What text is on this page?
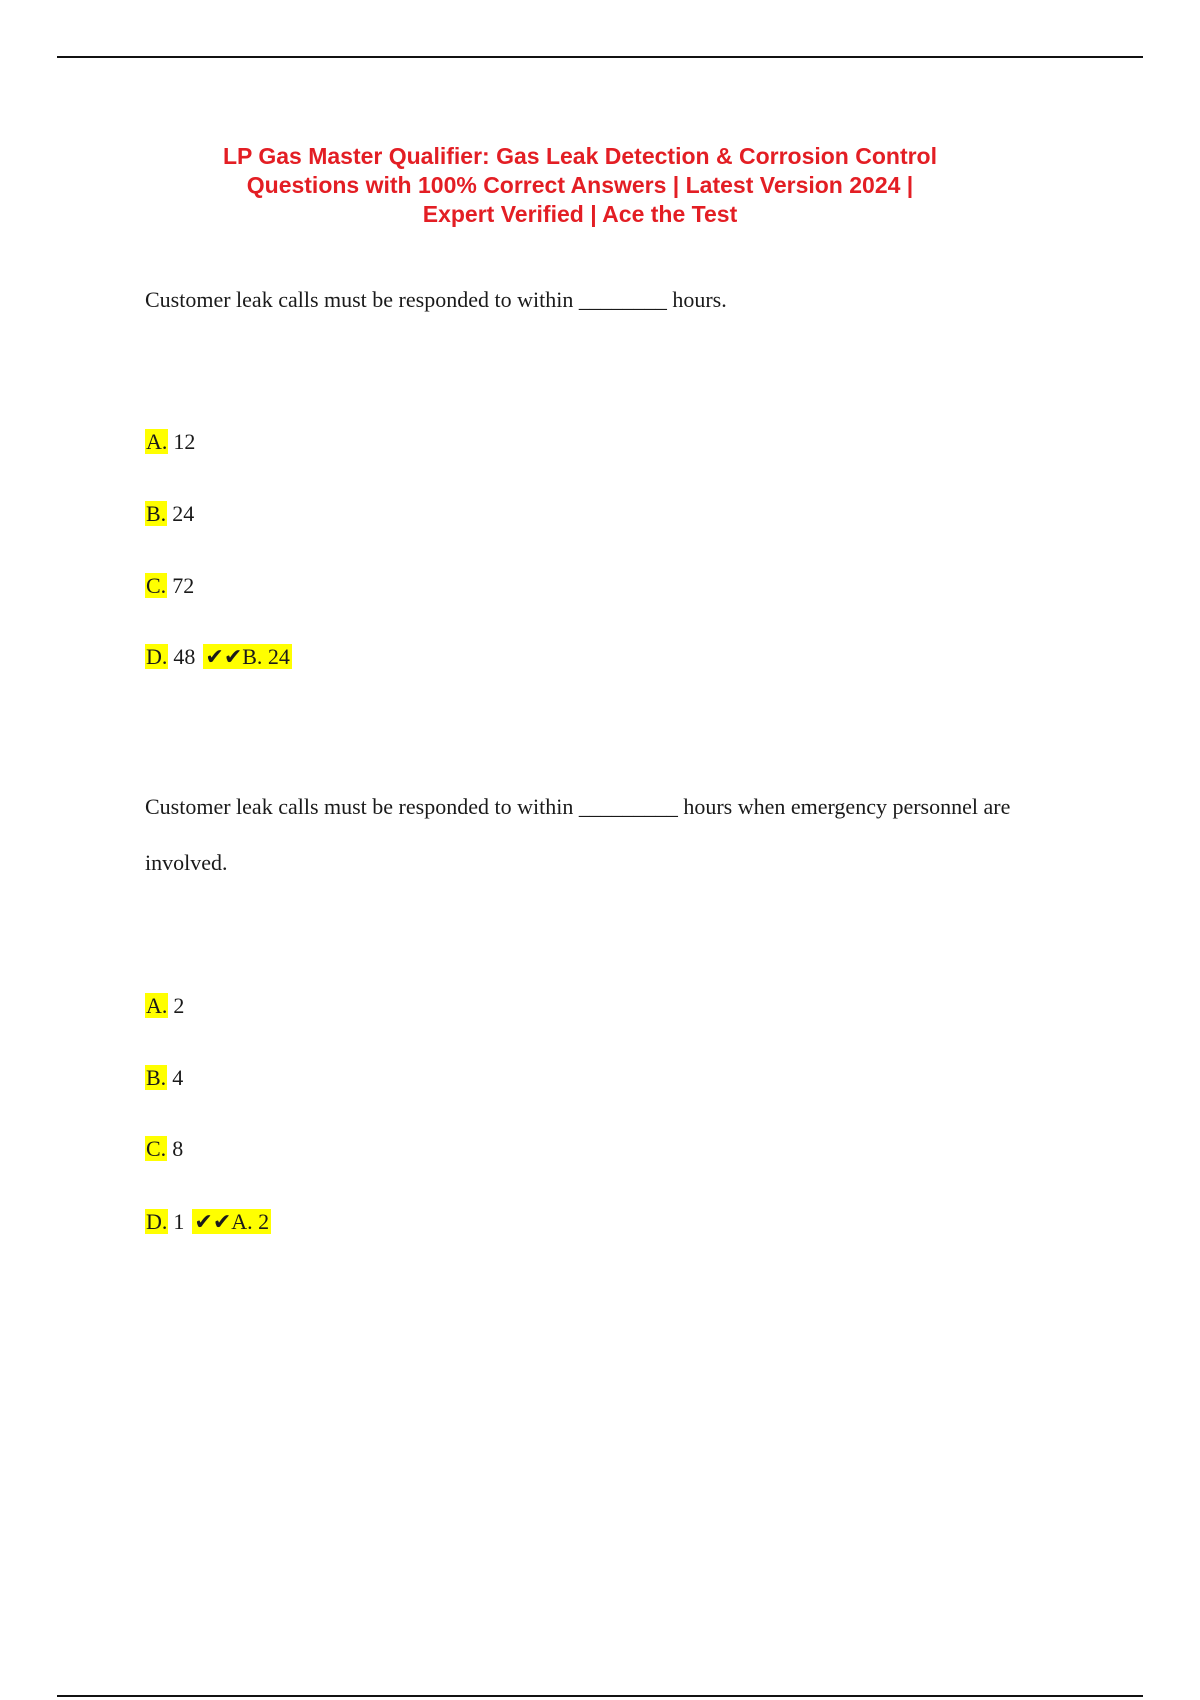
LP Gas Master Qualifier: Gas Leak Detection & Corrosion Control
Questions with 100% Correct Answers | Latest Version 2024 |
Expert Verified | Ace the Test
Customer leak calls must be responded to within ________ hours.
A. 12
B. 24
C. 72
D. 48 ✔✔B. 24
Customer leak calls must be responded to within _________ hours when emergency personnel are
involved.
A. 2
B. 4
C. 8
D. 1 ✔✔A. 2
